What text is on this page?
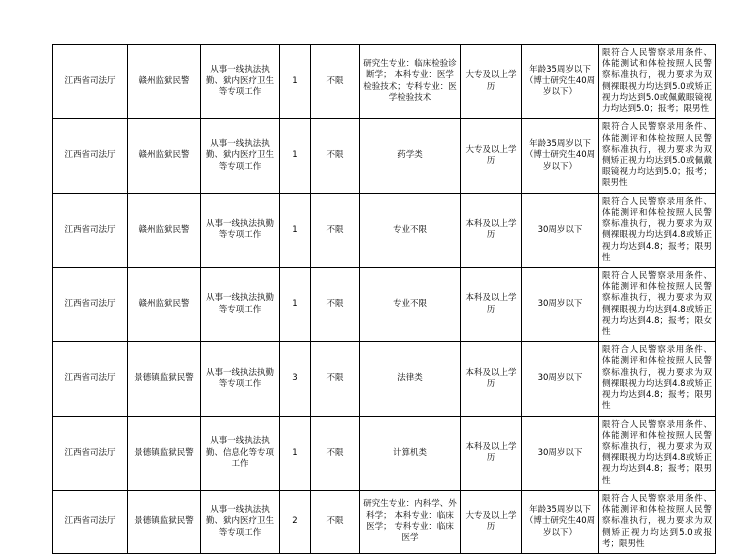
江西省司法厅	赣州监狱民警	从事一线执法执勤、狱内医疗卫生等专项工作	1	不限	研究生专业：临床检验诊断学； 本科专业：医学检验技术；专科专业：医学检验技术	大专及以上学历	年龄35周岁以下（博士研究生40周岁以下）	限符合人民警察录用条件、体能测试和体检按照人民警察标准执行，视力要求为双侧裸眼视力均达到5.0或矫正视力均达到5.0或佩戴眼镜视力均达到5.0；报考；限男性

江西省司法厅	赣州监狱民警	从事一线执法执勤、狱内医疗卫生等专项工作	1	不限	药学类	大专及以上学历	年龄35周岁以下（博士研究生40周岁以下）	限符合人民警察录用条件、体能测评和体检按照人民警察标准执行，视力要求为双侧矫正视力均达到5.0或佩戴眼镜视力均达到5.0；报考；限男性

江西省司法厅	赣州监狱民警	从事一线执法执勤等专项工作	1	不限	专业不限	本科及以上学历	30周岁以下	限符合人民警察录用条件、体能测评和体检按照人民警察标准执行，视力要求为双侧裸眼视力均达到4.8或矫正视力均达到4.8；报考；限男性

江西省司法厅	赣州监狱民警	从事一线执法执勤等专项工作	1	不限	专业不限	本科及以上学历	30周岁以下	限符合人民警察录用条件、体能测评和体检按照人民警察标准执行，视力要求为双侧裸眼视力均达到4.8或矫正视力均达到4.8；报考；限女性

江西省司法厅	景德镇监狱民警	从事一线执法执勤等专项工作	3	不限	法律类	本科及以上学历	30周岁以下	限符合人民警察录用条件、体能测评和体检按照人民警察标准执行，视力要求为双侧裸眼视力均达到4.8或矫正视力均达到4.8；报考；限男性

江西省司法厅	景德镇监狱民警	从事一线执法执勤、信息化等专项工作	1	不限	计算机类	本科及以上学历	30周岁以下	限符合人民警察录用条件、体能测评和体检按照人民警察标准执行，视力要求为双侧裸眼视力均达到4.8或矫正视力均达到4.8；报考；限男性

江西省司法厅	景德镇监狱民警	从事一线执法执勤、狱内医疗卫生等专项工作	2	不限	研究生专业：内科学、外科学； 本科专业：临床医学； 专科专业：临床医学	大专及以上学历	年龄35周岁以下（博士研究生40周岁以下）	限符合人民警察录用条件、体能测评和体检按照人民警察标准执行，视力要求为双侧矫正视力均达到5.0或报考；限男性
